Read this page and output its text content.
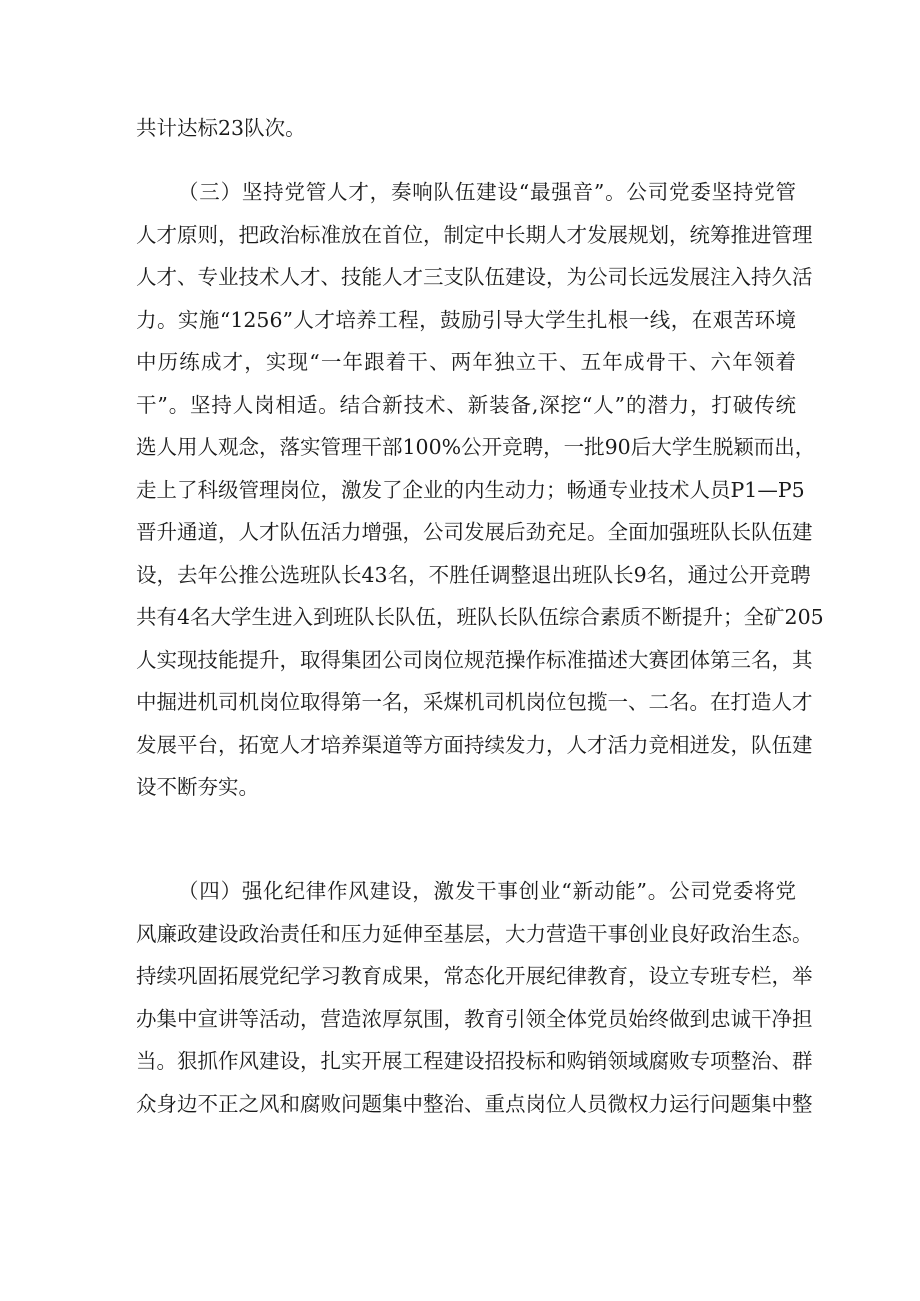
共计达标23队次。
（三）坚持党管人才，奏响队伍建设“最强音”。公司党委坚持党管
人才原则，把政治标准放在首位，制定中长期人才发展规划，统筹推进管理
人才、专业技术人才、技能人才三支队伍建设，为公司长远发展注入持久活
力。实施“1256”人才培养工程，鼓励引导大学生扎根一线，在艰苦环境
中历练成才，实现“一年跟着干、两年独立干、五年成骨干、六年领着
干”。坚持人岗相适。结合新技术、新装备,深挖“人”的潜力，打破传统
选人用人观念，落实管理干部100%公开竞聘，一批90后大学生脱颖而出，
走上了科级管理岗位，激发了企业的内生动力；畅通专业技术人员P1—P5
晋升通道，人才队伍活力增强，公司发展后劲充足。全面加强班队长队伍建
设，去年公推公选班队长43名，不胜任调整退出班队长9名，通过公开竞聘
共有4名大学生进入到班队长队伍，班队长队伍综合素质不断提升；全矿205
人实现技能提升，取得集团公司岗位规范操作标准描述大赛团体第三名，其
中掘进机司机岗位取得第一名，采煤机司机岗位包揽一、二名。在打造人才
发展平台，拓宽人才培养渠道等方面持续发力，人才活力竞相迸发，队伍建
设不断夯实。
（四）强化纪律作风建设，激发干事创业“新动能”。公司党委将党
风廉政建设政治责任和压力延伸至基层，大力营造干事创业良好政治生态。
持续巩固拓展党纪学习教育成果，常态化开展纪律教育，设立专班专栏，举
办集中宣讲等活动，营造浓厚氛围，教育引领全体党员始终做到忠诚干净担
当。狠抓作风建设，扎实开展工程建设招投标和购销领域腐败专项整治、群
众身边不正之风和腐败问题集中整治、重点岗位人员微权力运行问题集中整
